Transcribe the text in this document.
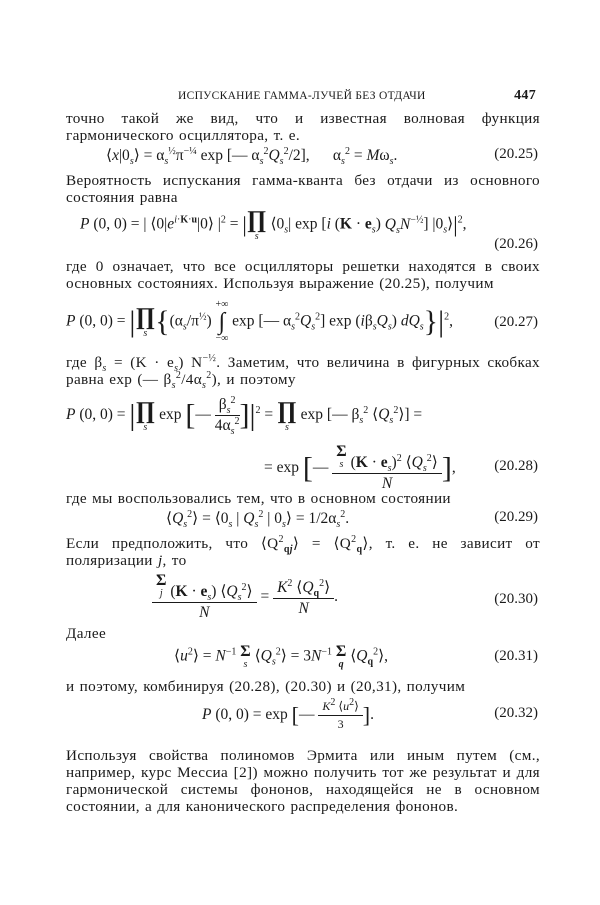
ИСПУСКАНИЕ ГАММА-ЛУЧЕЙ БЕЗ ОТДАЧИ	447
точно такой же вид, что и известная волновая функция гармонического осциллятора, т. е.
$⟨x|0_s⟩ = \alpha_s^{\frac{1}{2}}\pi^{-\frac{1}{4}}$ exp [— $\alpha_s^2Q_s^2/2$],      $\alpha_s^2 = M\omega_s$.	(20.25)
Вероятность испускания гамма-кванта без отдачи из основного состояния равна
P (0, 0) = | $⟨0|e^{i\cdot K\cdot u}|0⟩$ $|^2$ = | ∏
s
$⟨0_s|$ exp [i $(K \cdot e_s)$ $Q_sN^{-\frac{1}{2}}$] $|0_s⟩|^2$,
(20.26)
где 0 означает, что все осцилляторы решетки находятся в своих основных состояниях. Используя выражение (20.25), получим
P (0, 0) = | ∏
s {$(\alpha_s/\pi^{\frac{1}{2}})$
+∞
∫
−∞
exp [— $\alpha_s^2Q_s^2$] $\exp (i\beta_sQ_s)$ $dQ_s\}|^2$,	(20.27)
где $\beta_s = (K \cdot e_s)$ $N^{-\frac{1}{2}}$. Заметим, что величина в фигурных скобках равна exp (— $\beta_s^2/4\alpha_s^2$), и поэтому
P (0, 0) = | ∏
s
exp [— $\frac{\beta_s^2}{4\alpha_s^2} ]|^2$ = ∏
s
exp [— $\beta_s^2$ $⟨Q_s^2⟩$] =
= exp [— Σ
s $(K \cdot e_s)^2$ $⟨Q_s^2⟩$
N ],	(20.28)
где мы воспользовались тем, что в основном состоянии
$⟨Q_s^2⟩$ = $⟨0_s$ | $Q_s^2$ | $0_s⟩ = 1/2\alpha_s^2$.	(20.29)
Если предположить, что $⟨Q^2_{qj}⟩$ = $⟨Q^2_q⟩$, т. е. не зависит от поляризации j, то
Σ
j $(K \cdot e_s)$ $⟨Q_s^2⟩$
$N = \frac{K^2 ⟨Q_q^2⟩}{N}$ .	(20.30)
Далее
$⟨u^2⟩ = N^{-1}$ Σ
s $⟨Q_s^2⟩ = 3N^{-1}$ Σ
q $⟨Q_q^2⟩$,	(20.31)
и поэтому, комбинируя (20.28), (20.30) и (20,31), получим
P (0, 0) = exp [— $\frac{K^2 ⟨u^2⟩}{3}$ ].	(20.32)
Используя свойства полиномов Эрмита или иным путем (см., например, курс Мессиа [2]) можно получить тот же результат и для гармонической системы фононов, находящейся не в основном состоянии, а для канонического распределения фононов.
